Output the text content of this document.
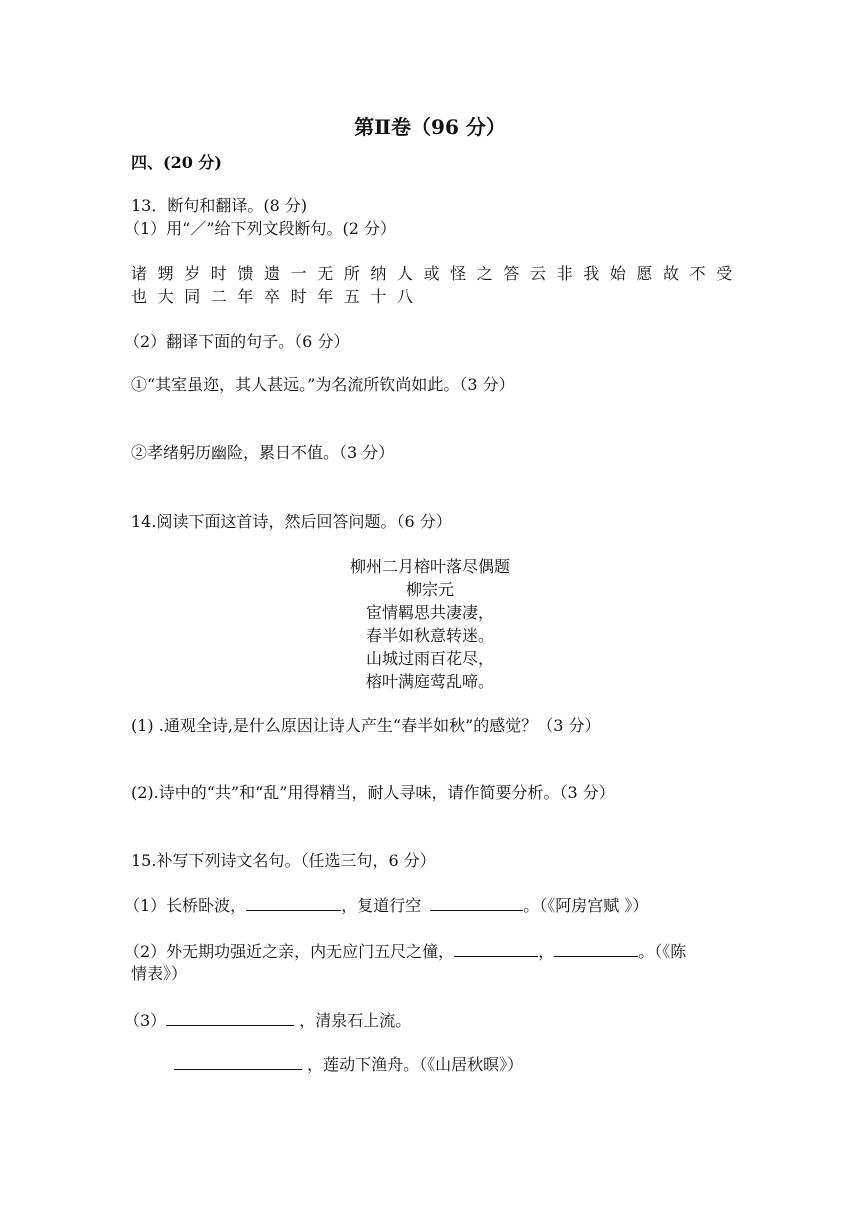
第Ⅱ卷（96 分）
四、(20 分)
13．断句和翻译。(8 分)
（1）用“／”给下列文段断句。(2 分）
诸甥岁时馈遗一无所纳人或怪之答云非我始愿故不受
也大同二年卒时年五十八
（2）翻译下面的句子。（6 分）
①“其室虽迩，其人甚远。”为名流所钦尚如此。（3 分）
②孝绪躬历幽险，累日不值。（3 分）
14.阅读下面这首诗，然后回答问题。（6 分）
柳州二月榕叶落尽偶题
柳宗元
宦情羁思共凄凄，
春半如秋意转迷。
山城过雨百花尽，
榕叶满庭莺乱啼。
(1) .通观全诗,是什么原因让诗人产生“春半如秋”的感觉？（3 分）
(2).诗中的“共”和“乱”用得精当，耐人寻味，请作简要分析。（3 分）
15.补写下列诗文名句。（任选三句，6 分）
（1）长桥卧波，	，复道行空	。（《阿房宫赋 》）
（2）外无期功强近之亲，内无应门五尺之僮，	，	。（《陈
情表》）
（3）	，清泉石上流。
，莲动下渔舟。（《山居秋暝》）
